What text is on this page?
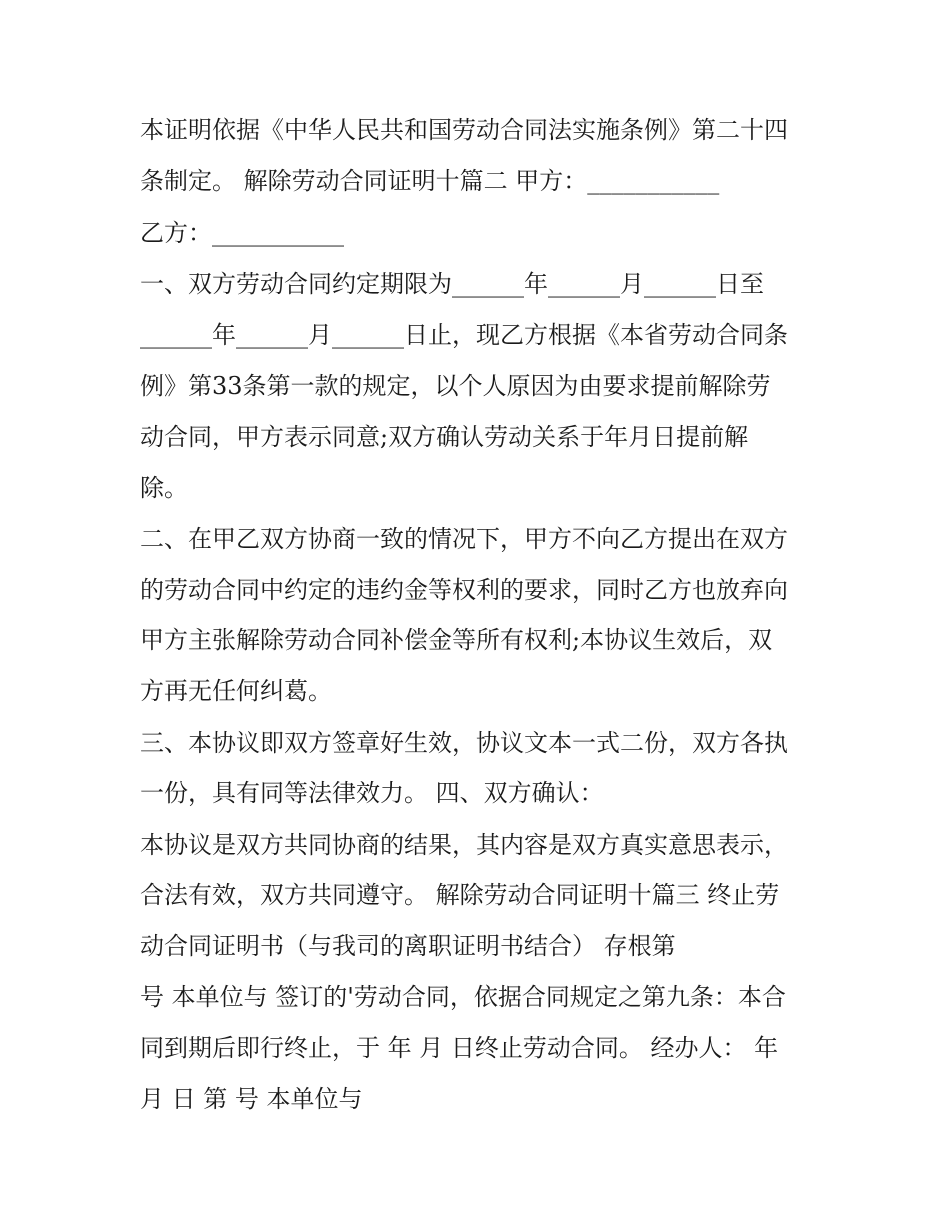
本证明依据《中华人民共和国劳动合同法实施条例》第二十四
条制定。 解除劳动合同证明十篇二 甲方：___________
乙方：___________
一、双方劳动合同约定期限为______年______月______日至
______年______月______日止，现乙方根据《本省劳动合同条
例》第33条第一款的规定，以个人原因为由要求提前解除劳
动合同，甲方表示同意;双方确认劳动关系于年月日提前解
除。
二、在甲乙双方协商一致的情况下，甲方不向乙方提出在双方
的劳动合同中约定的违约金等权利的要求，同时乙方也放弃向
甲方主张解除劳动合同补偿金等所有权利;本协议生效后，双
方再无任何纠葛。
三、本协议即双方签章好生效，协议文本一式二份，双方各执
一份，具有同等法律效力。 四、双方确认：
本协议是双方共同协商的结果，其内容是双方真实意思表示，
合法有效，双方共同遵守。 解除劳动合同证明十篇三 终止劳
动合同证明书（与我司的离职证明书结合） 存根第
号 本单位与 签订的'劳动合同，依据合同规定之第九条：本合
同到期后即行终止，于 年 月 日终止劳动合同。 经办人： 年
月 日 第 号 本单位与
